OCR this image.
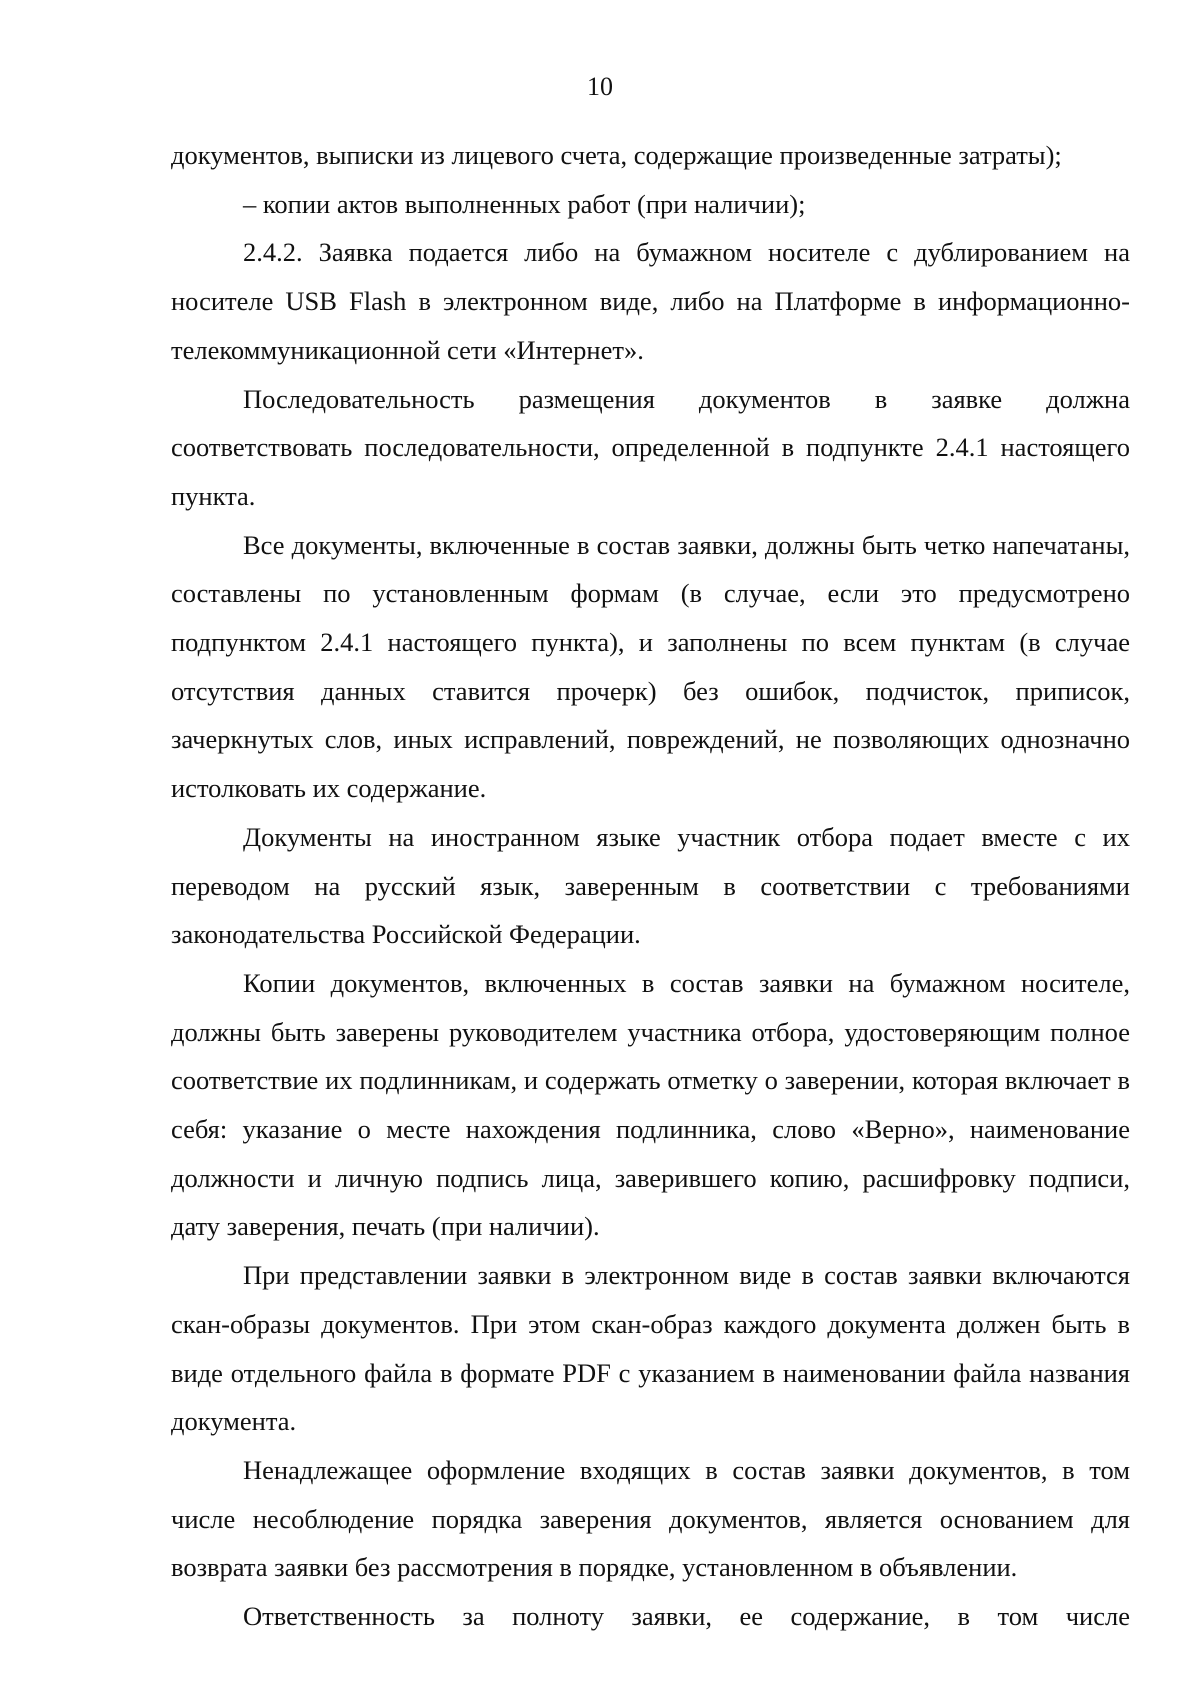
10

документов, выписки из лицевого счета, содержащие произведенные затраты);

– копии актов выполненных работ (при наличии);

2.4.2. Заявка подается либо на бумажном носителе с дублированием на носителе USB Flash в электронном виде, либо на Платформе в информационно-телекоммуникационной сети «Интернет».

Последовательность размещения документов в заявке должна соответствовать последовательности, определенной в подпункте 2.4.1 настоящего пункта.

Все документы, включенные в состав заявки, должны быть четко напечатаны, составлены по установленным формам (в случае, если это предусмотрено подпунктом 2.4.1 настоящего пункта), и заполнены по всем пунктам (в случае отсутствия данных ставится прочерк) без ошибок, подчисток, приписок, зачеркнутых слов, иных исправлений, повреждений, не позволяющих однозначно истолковать их содержание.

Документы на иностранном языке участник отбора подает вместе с их переводом на русский язык, заверенным в соответствии с требованиями законодательства Российской Федерации.

Копии документов, включенных в состав заявки на бумажном носителе, должны быть заверены руководителем участника отбора, удостоверяющим полное соответствие их подлинникам, и содержать отметку о заверении, которая включает в себя: указание о месте нахождения подлинника, слово «Верно», наименование должности и личную подпись лица, заверившего копию, расшифровку подписи, дату заверения, печать (при наличии).

При представлении заявки в электронном виде в состав заявки включаются скан-образы документов. При этом скан-образ каждого документа должен быть в виде отдельного файла в формате PDF с указанием в наименовании файла названия документа.

Ненадлежащее оформление входящих в состав заявки документов, в том числе несоблюдение порядка заверения документов, является основанием для возврата заявки без рассмотрения в порядке, установленном в объявлении.

Ответственность за полноту заявки, ее содержание, в том числе
